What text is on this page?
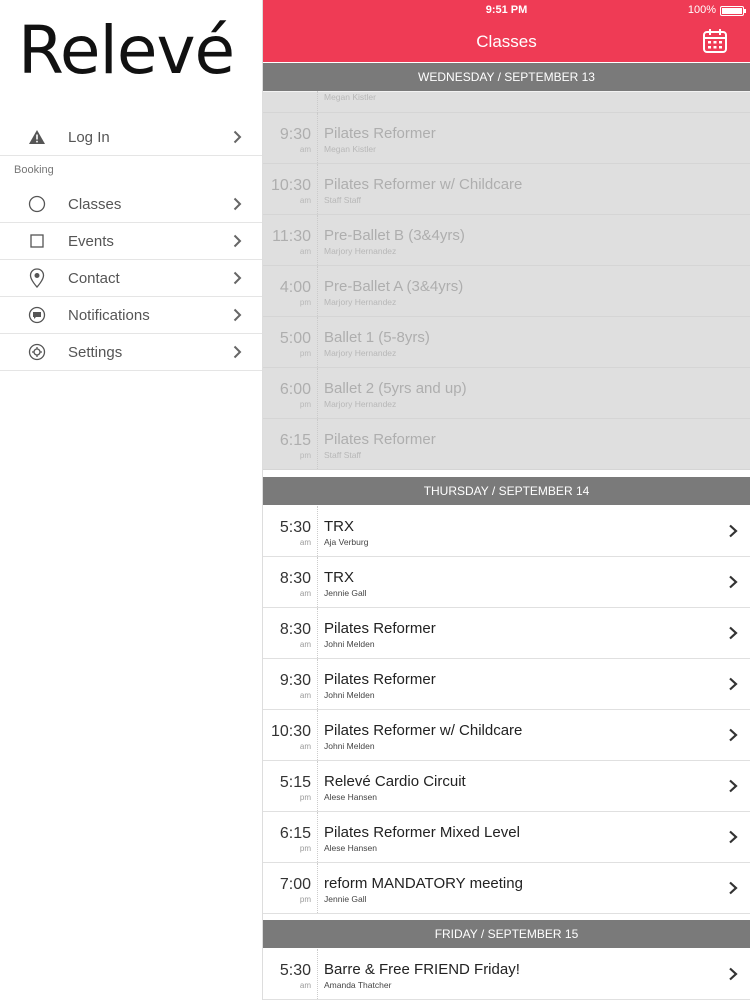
Relevé
Log In
Booking
Classes
Events
Contact
Notifications
Settings
9:51 PM	100%
Classes
WEDNESDAY / SEPTEMBER 13
Megan Kistler
9:30
am
Pilates Reformer
Megan Kistler
10:30
am
Pilates Reformer w/ Childcare
Staff Staff
11:30
am
Pre-Ballet B (3&4yrs)
Marjory Hernandez
4:00
pm
Pre-Ballet A (3&4yrs)
Marjory Hernandez
5:00
pm
Ballet 1 (5-8yrs)
Marjory Hernandez
6:00
pm
Ballet 2 (5yrs and up)
Marjory Hernandez
6:15
pm
Pilates Reformer
Staff Staff
THURSDAY / SEPTEMBER 14
5:30
am
TRX
Aja Verburg
8:30
am
TRX
Jennie Gall
8:30
am
Pilates Reformer
Johni Melden
9:30
am
Pilates Reformer
Johni Melden
10:30
am
Pilates Reformer w/ Childcare
Johni Melden
5:15
pm
Relevé Cardio Circuit
Alese Hansen
6:15
pm
Pilates Reformer Mixed Level
Alese Hansen
7:00
pm
reform MANDATORY meeting
Jennie Gall
FRIDAY / SEPTEMBER 15
5:30
am
Barre & Free FRIEND Friday!
Amanda Thatcher
